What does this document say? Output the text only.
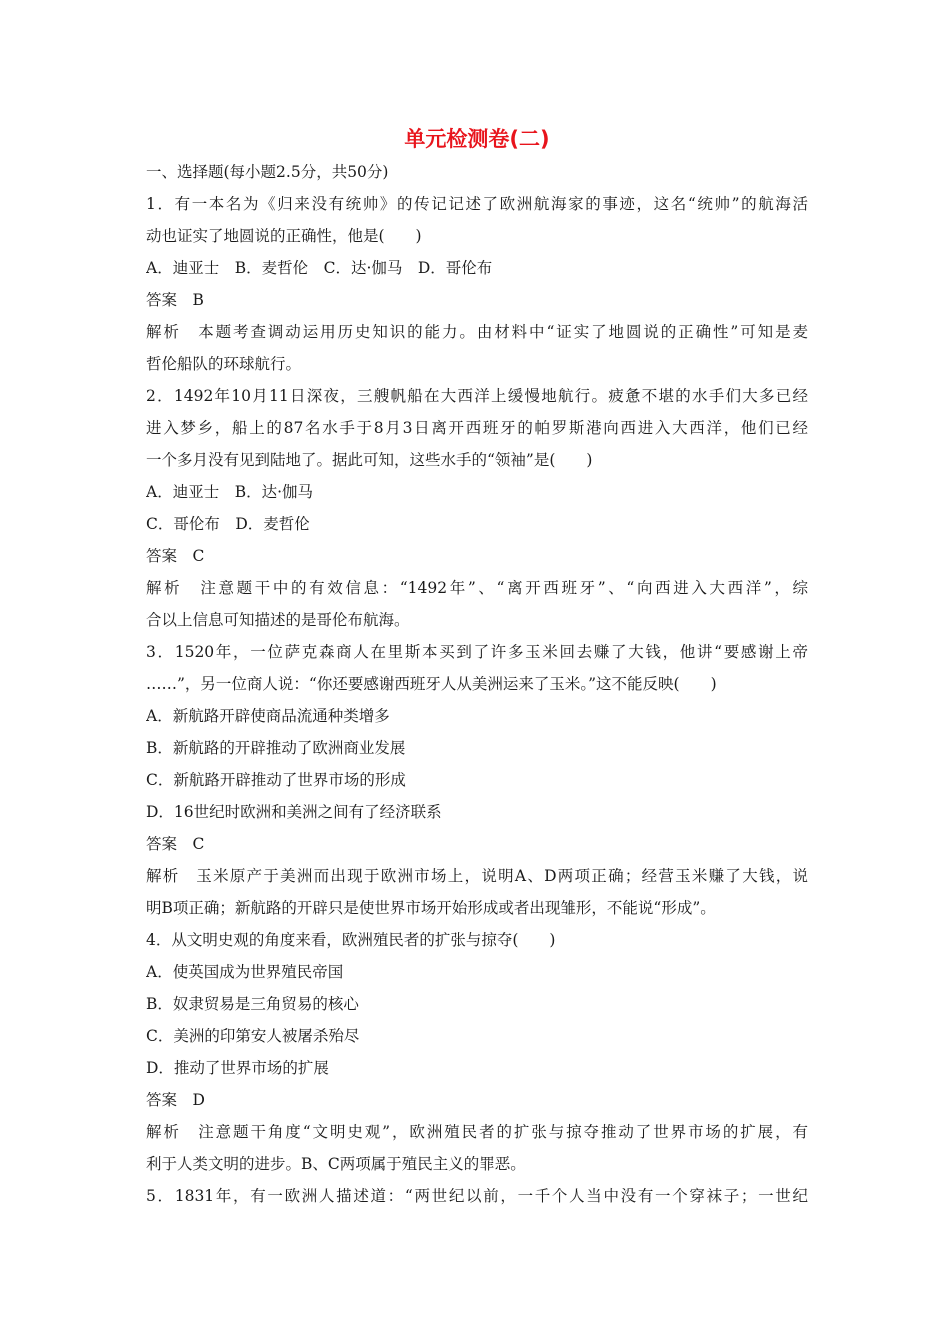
单元检测卷(二)
一、选择题(每小题2.5分，共50分)
1．有一本名为《归来没有统帅》的传记记述了欧洲航海家的事迹，这名“统帅”的航海活
动也证实了地圆说的正确性，他是(　　)
A．迪亚士　B．麦哲伦　C．达·伽马　D．哥伦布
答案　B
解析　本题考查调动运用历史知识的能力。由材料中“证实了地圆说的正确性”可知是麦
哲伦船队的环球航行。
2．1492年10月11日深夜，三艘帆船在大西洋上缓慢地航行。疲惫不堪的水手们大多已经
进入梦乡，船上的87名水手于8月3日离开西班牙的帕罗斯港向西进入大西洋，他们已经
一个多月没有见到陆地了。据此可知，这些水手的“领袖”是(　　)
A．迪亚士　B．达·伽马
C．哥伦布　D．麦哲伦
答案　C
解析　注意题干中的有效信息：“1492年”、“离开西班牙”、“向西进入大西洋”，综
合以上信息可知描述的是哥伦布航海。
3．1520年，一位萨克森商人在里斯本买到了许多玉米回去赚了大钱，他讲“要感谢上帝
……”，另一位商人说：“你还要感谢西班牙人从美洲运来了玉米。”这不能反映(　　)
A．新航路开辟使商品流通种类增多
B．新航路的开辟推动了欧洲商业发展
C．新航路开辟推动了世界市场的形成
D．16世纪时欧洲和美洲之间有了经济联系
答案　C
解析　玉米原产于美洲而出现于欧洲市场上，说明A、D两项正确；经营玉米赚了大钱，说
明B项正确；新航路的开辟只是使世界市场开始形成或者出现雏形，不能说“形成”。
4．从文明史观的角度来看，欧洲殖民者的扩张与掠夺(　　)
A．使英国成为世界殖民帝国
B．奴隶贸易是三角贸易的核心
C．美洲的印第安人被屠杀殆尽
D．推动了世界市场的扩展
答案　D
解析　注意题干角度“文明史观”，欧洲殖民者的扩张与掠夺推动了世界市场的扩展，有
利于人类文明的进步。B、C两项属于殖民主义的罪恶。
5．1831年，有一欧洲人描述道：“两世纪以前，一千个人当中没有一个穿袜子；一世纪
